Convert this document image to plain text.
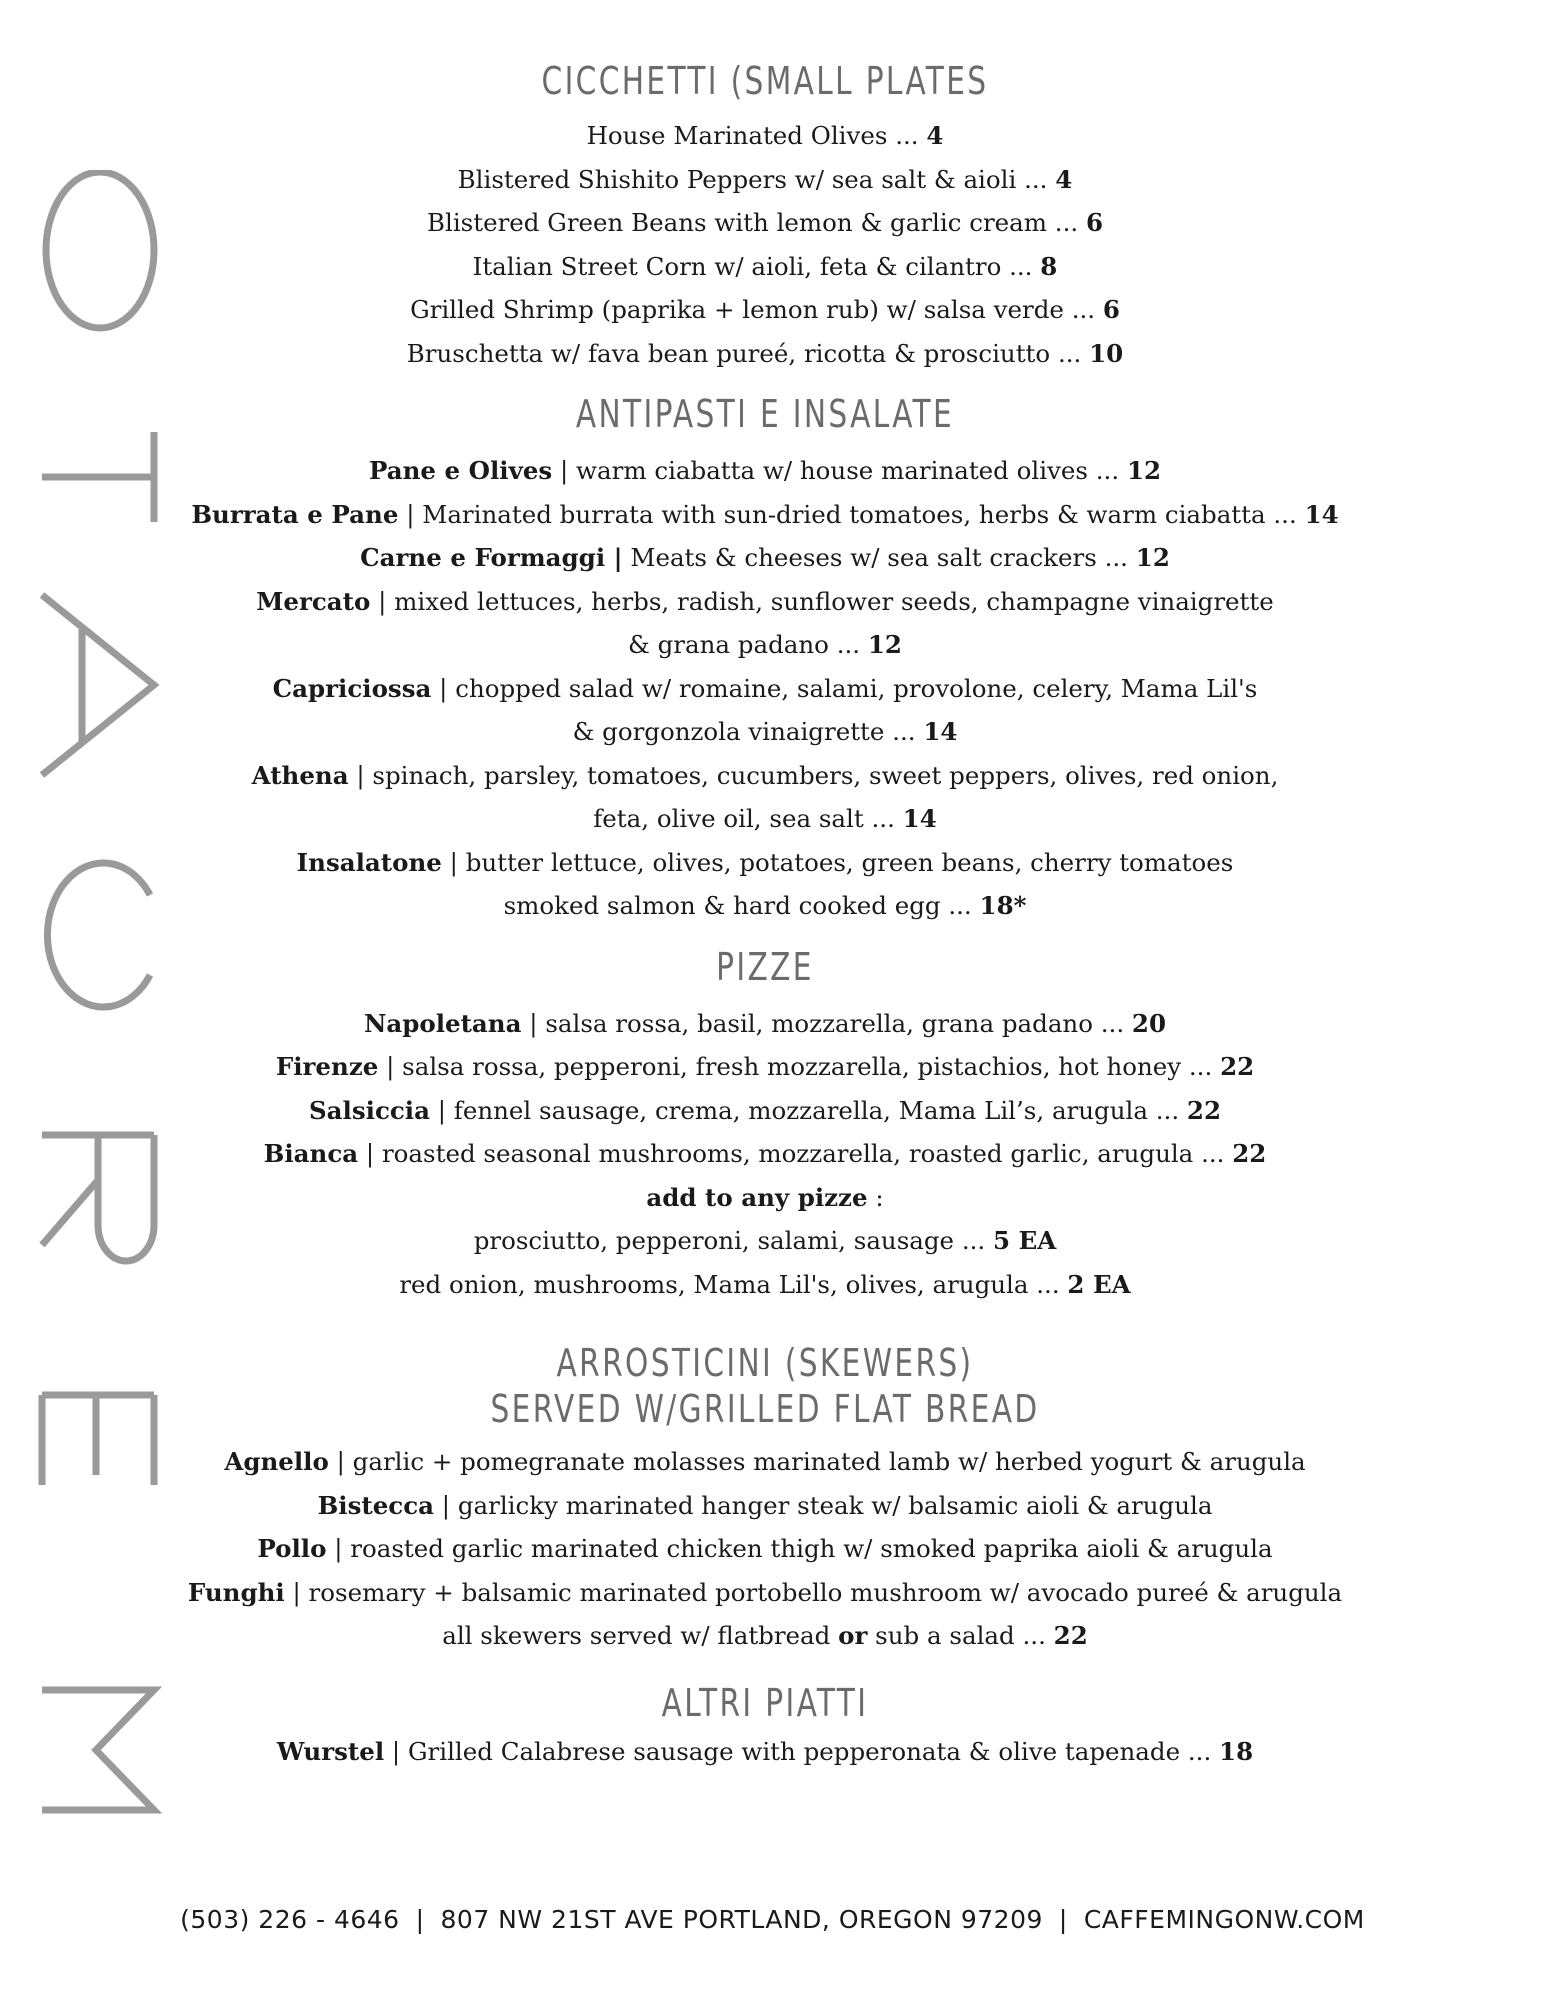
CICCHETTI (SMALL PLATES
House Marinated Olives ... 4
Blistered Shishito Peppers w/ sea salt & aioli ... 4
Blistered Green Beans with lemon & garlic cream ... 6
Italian Street Corn w/ aioli, feta & cilantro ... 8
Grilled Shrimp (paprika + lemon rub) w/ salsa verde ... 6
Bruschetta w/ fava bean pureé, ricotta & prosciutto ... 10
ANTIPASTI E INSALATE
Pane e Olives | warm ciabatta w/ house marinated olives ... 12
Burrata e Pane | Marinated burrata with sun-dried tomatoes, herbs & warm ciabatta ... 14
Carne e Formaggi | Meats & cheeses w/ sea salt crackers ... 12
Mercato | mixed lettuces, herbs, radish, sunflower seeds, champagne vinaigrette
& grana padano ... 12
Capriciossa | chopped salad w/ romaine, salami, provolone, celery, Mama Lil's
& gorgonzola vinaigrette ... 14
Athena | spinach, parsley, tomatoes, cucumbers, sweet peppers, olives, red onion,
feta, olive oil, sea salt ... 14
Insalatone | butter lettuce, olives, potatoes, green beans, cherry tomatoes
smoked salmon & hard cooked egg ... 18*
PIZZE
Napoletana | salsa rossa, basil, mozzarella, grana padano ... 20
Firenze | salsa rossa, pepperoni, fresh mozzarella, pistachios, hot honey ... 22
Salsiccia | fennel sausage, crema, mozzarella, Mama Lil’s, arugula ... 22
Bianca | roasted seasonal mushrooms, mozzarella, roasted garlic, arugula ... 22
add to any pizze :
prosciutto, pepperoni, salami, sausage ... 5 EA
red onion, mushrooms, Mama Lil's, olives, arugula ... 2 EA
ARROSTICINI (SKEWERS)
SERVED W/GRILLED FLAT BREAD
Agnello | garlic + pomegranate molasses marinated lamb w/ herbed yogurt & arugula
Bistecca | garlicky marinated hanger steak w/ balsamic aioli & arugula
Pollo | roasted garlic marinated chicken thigh w/ smoked paprika aioli & arugula
Funghi | rosemary + balsamic marinated portobello mushroom w/ avocado pureé & arugula
all skewers served w/ flatbread or sub a salad ... 22
ALTRI PIATTI
Wurstel | Grilled Calabrese sausage with pepperonata & olive tapenade ... 18
(503) 226 - 4646 | 807 NW 21ST AVE PORTLAND, OREGON 97209 | CAFFEMINGONW.COM
